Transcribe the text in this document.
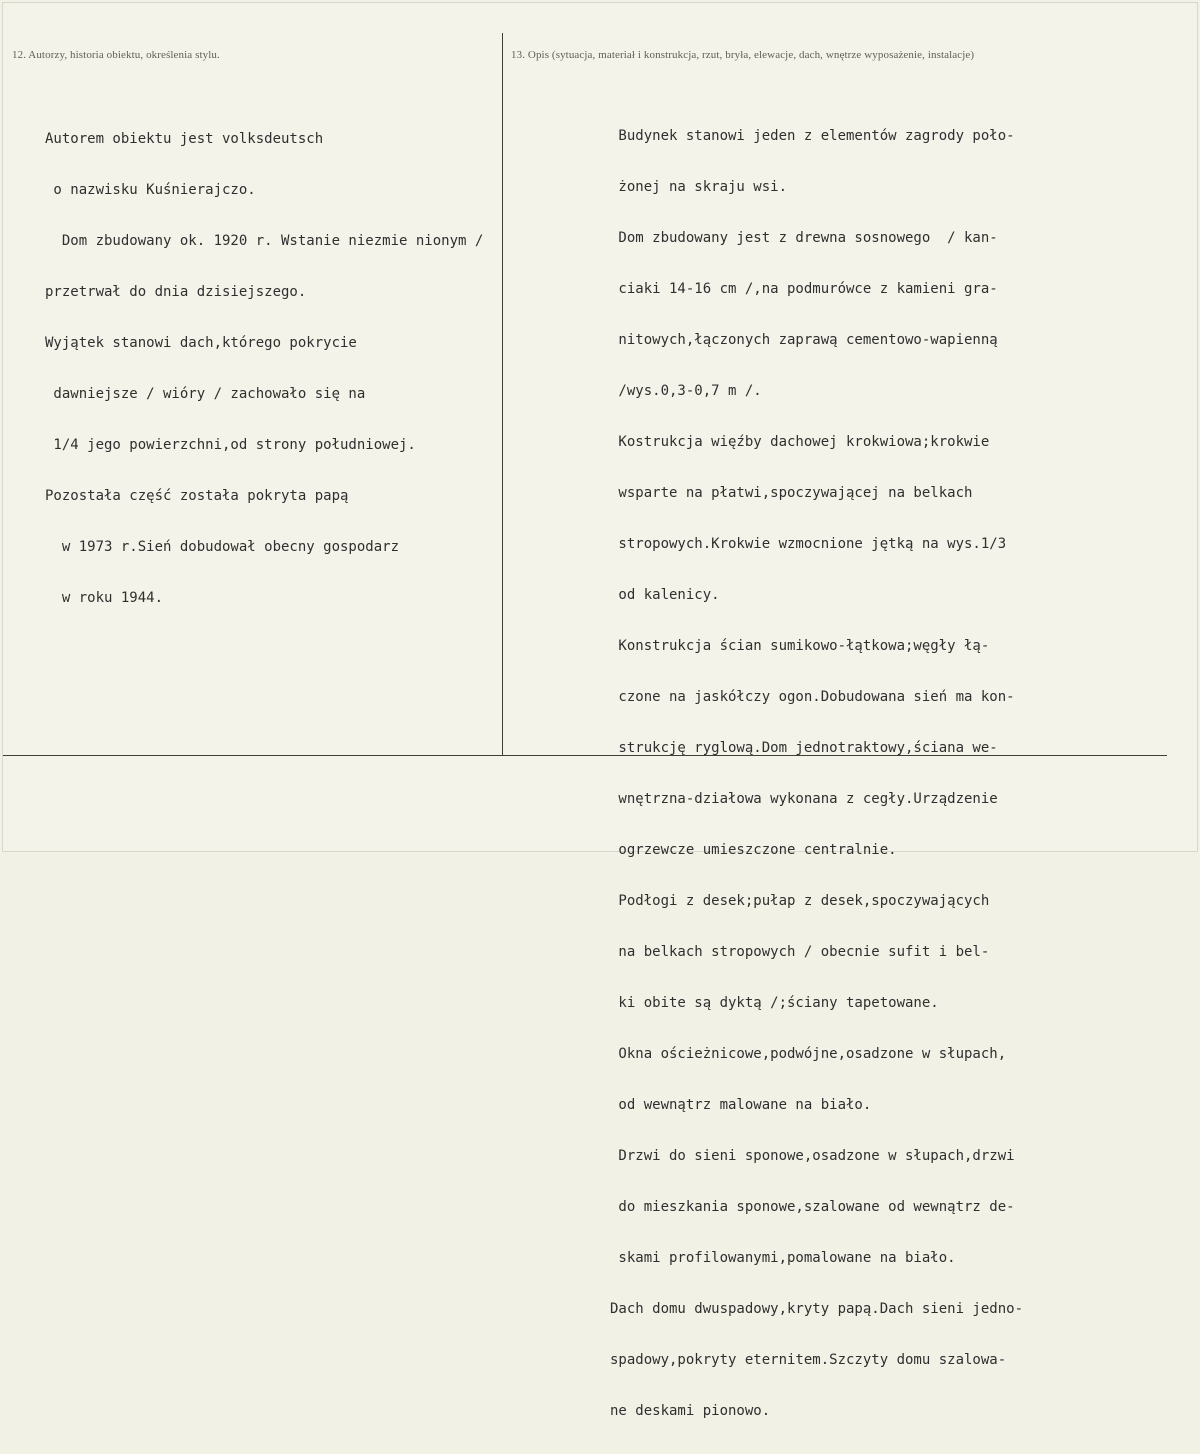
12. Autorzy, historia obiektu, określenia stylu.	13. Opis (sytuacja, materiał i konstrukcja, rzut, bryła, elewacje, dach, wnętrze wyposażenie, instalacje)

Autorem obiektu jest volksdeutsch

o nazwisku Kuśnierajczo.

Dom zbudowany ok. 1920 r. Wstanie niezmie nionym /

przetrwał do dnia dzisiejszego.

Wyjątek stanowi dach,którego pokrycie

dawniejsze / wióry / zachowało się na

1/4 jego powierzchni,od strony południowej.

Pozostała część została pokryta papą

w 1973 r.Sień dobudował obecny gospodarz

w roku 1944.

Budynek stanowi jeden z elementów zagrody poło-

żonej na skraju wsi.

Dom zbudowany jest z drewna sosnowego  / kan-

ciaki 14-16 cm /,na podmurówce z kamieni gra-

nitowych,łączonych zaprawą cementowo-wapienną

/wys.0,3-0,7 m /.

Kostrukcja więźby dachowej krokwiowa;krokwie

wsparte na płatwi,spoczywającej na belkach

stropowych.Krokwie wzmocnione jętką na wys.1/3

od kalenicy.

Konstrukcja ścian sumikowo-łątkowa;węgły łą-

czone na jaskółczy ogon.Dobudowana sień ma kon-

strukcję ryglową.Dom jednotraktowy,ściana we-

wnętrzna-działowa wykonana z cegły.Urządzenie

ogrzewcze umieszczone centralnie.

Podłogi z desek;pułap z desek,spoczywających

na belkach stropowych / obecnie sufit i bel-

ki obite są dyktą /;ściany tapetowane.

Okna ościeżnicowe,podwójne,osadzone w słupach,

od wewnątrz malowane na biało.

Drzwi do sieni sponowe,osadzone w słupach,drzwi

do mieszkania sponowe,szalowane od wewnątrz de-

skami profilowanymi,pomalowane na biało.

Dach domu dwuspadowy,kryty papą.Dach sieni jedno-

spadowy,pokryty eternitem.Szczyty domu szalowa-

ne deskami pionowo.
